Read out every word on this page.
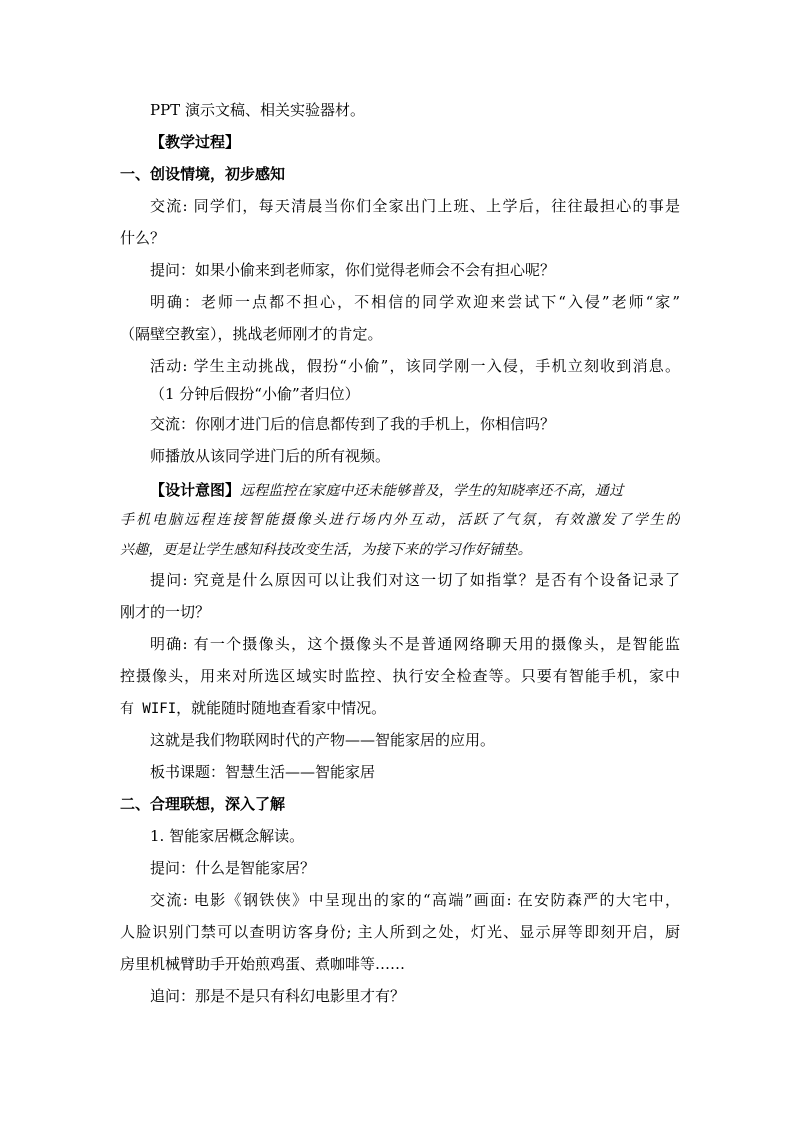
PPT 演示文稿、相关实验器材。
【教学过程】
一、创设情境，初步感知
交流: 同学们，每天清晨当你们全家出门上班、上学后，往往最担心的事是
什么？
提问：如果小偷来到老师家，你们觉得老师会不会有担心呢？
明确：老师一点都不担心，不相信的同学欢迎来尝试下“入侵”老师“家”
（隔壁空教室），挑战老师刚才的肯定。
活动: 学生主动挑战，假扮“小偷”，该同学刚一入侵，手机立刻收到消息。
（1 分钟后假扮“小偷”者归位）
交流：你刚才进门后的信息都传到了我的手机上，你相信吗？
师播放从该同学进门后的所有视频。
【设计意图】远程监控在家庭中还未能够普及，学生的知晓率还不高，通过
手机电脑远程连接智能摄像头进行场内外互动，活跃了气氛，有效激发了学生的
兴趣，更是让学生感知科技改变生活，为接下来的学习作好铺垫。
提问: 究竟是什么原因可以让我们对这一切了如指掌？是否有个设备记录了
刚才的一切？
明确: 有一个摄像头，这个摄像头不是普通网络聊天用的摄像头，是智能监
控摄像头，用来对所选区域实时监控、执行安全检查等。只要有智能手机，家中
有 WIFI，就能随时随地查看家中情况。
这就是我们物联网时代的产物——智能家居的应用。
板书课题：智慧生活——智能家居
二、合理联想，深入了解
1. 智能家居概念解读。
提问：什么是智能家居？
交流: 电影《钢铁侠》中呈现出的家的“高端”画面: 在安防森严的大宅中，
人脸识别门禁可以查明访客身份; 主人所到之处，灯光、显示屏等即刻开启，厨
房里机械臂助手开始煎鸡蛋、煮咖啡等……
追问：那是不是只有科幻电影里才有？
